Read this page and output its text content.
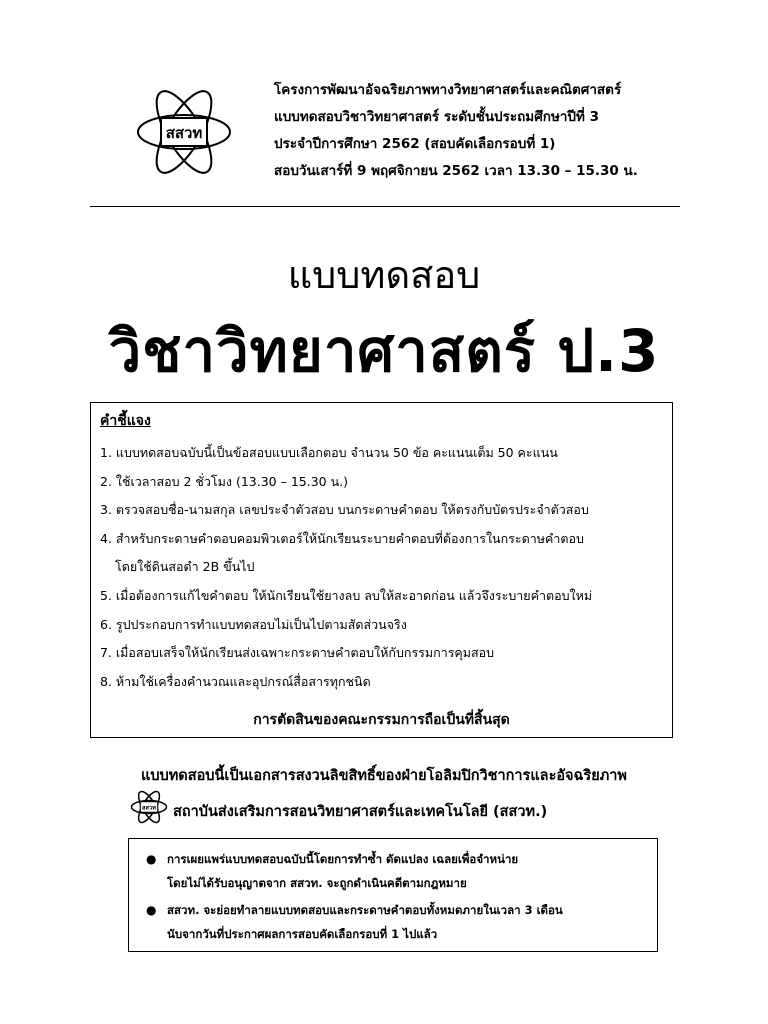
สสวท
โครงการพัฒนาอัจฉริยภาพทางวิทยาศาสตร์และคณิตศาสตร์
แบบทดสอบวิชาวิทยาศาสตร์ ระดับชั้นประถมศึกษาปีที่ 3
ประจำปีการศึกษา 2562 (สอบคัดเลือกรอบที่ 1)
สอบวันเสาร์ที่ 9 พฤศจิกายน 2562 เวลา 13.30 – 15.30 น.
แบบทดสอบ
วิชาวิทยาศาสตร์ ป.3
คำชี้แจง
1. แบบทดสอบฉบับนี้เป็นข้อสอบแบบเลือกตอบ จำนวน 50 ข้อ คะแนนเต็ม 50 คะแนน
2. ใช้เวลาสอบ 2 ชั่วโมง (13.30 – 15.30 น.)
3. ตรวจสอบชื่อ-นามสกุล เลขประจำตัวสอบ บนกระดาษคำตอบ ให้ตรงกับบัตรประจำตัวสอบ
4. สำหรับกระดาษคำตอบคอมพิวเตอร์ให้นักเรียนระบายคำตอบที่ต้องการในกระดาษคำตอบ
โดยใช้ดินสอดำ 2B ขึ้นไป
5. เมื่อต้องการแก้ไขคำตอบ ให้นักเรียนใช้ยางลบ ลบให้สะอาดก่อน แล้วจึงระบายคำตอบใหม่
6. รูปประกอบการทำแบบทดสอบไม่เป็นไปตามสัดส่วนจริง
7. เมื่อสอบเสร็จให้นักเรียนส่งเฉพาะกระดาษคำตอบให้กับกรรมการคุมสอบ
8. ห้ามใช้เครื่องคำนวณและอุปกรณ์สื่อสารทุกชนิด
การตัดสินของคณะกรรมการถือเป็นที่สิ้นสุด
แบบทดสอบนี้เป็นเอกสารสงวนลิขสิทธิ์ของฝ่ายโอลิมปิกวิชาการและอัจฉริยภาพ
สสวท สถาบันส่งเสริมการสอนวิทยาศาสตร์และเทคโนโลยี (สสวท.)
● การเผยแพร่แบบทดสอบฉบับนี้โดยการทำซ้ำ ดัดแปลง เฉลยเพื่อจำหน่าย
โดยไม่ได้รับอนุญาตจาก สสวท. จะถูกดำเนินคดีตามกฎหมาย
● สสวท. จะย่อยทำลายแบบทดสอบและกระดาษคำตอบทั้งหมดภายในเวลา 3 เดือน
นับจากวันที่ประกาศผลการสอบคัดเลือกรอบที่ 1 ไปแล้ว
